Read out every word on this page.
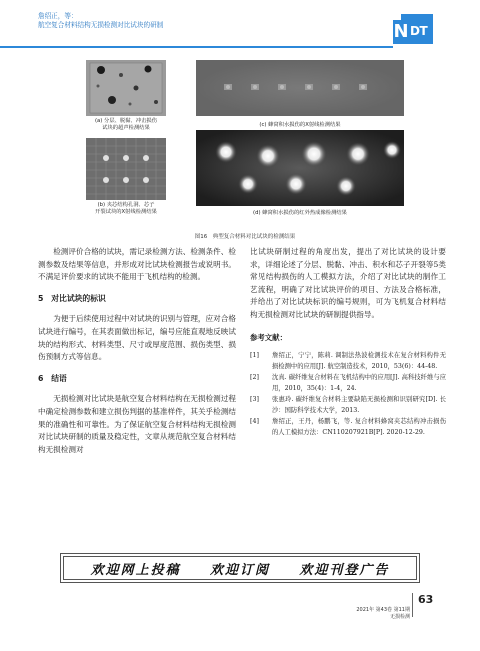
詹绍正，等：
航空复合材料结构无损检测对比试块的研制	N DT
(a) 分层、脱黏、冲击损伤
试块的超声检测结果	(c) 蜂窝积水损伤的X射线检测结果
(b) 夹芯结构孔洞、芯子
开裂试块的X射线检测结果	(d) 蜂窝积水损伤的红外热成像检测结果
图16　典型复合材料对比试块的检测结果

检测评价合格的试块，需记录检测方法、检测条件、检测参数及结果等信息，并形成对比试块检测报告或说明书。不满足评价要求的试块不能用于飞机结构的检测。

5　对比试块的标识

为便于后续使用过程中对试块的识别与管理，应对合格试块进行编号，在其表面做出标记，编号应能直观地反映试块的结构形式、材料类型、尺寸或厚度范围、损伤类型、损伤预制方式等信息。

6　结语

无损检测对比试块是航空复合材料结构在无损检测过程中确定检测参数和建立损伤判据的基准样件，其关乎检测结果的准确性和可靠性。为了保证航空复合材料结构无损检测对比试块研制的质量及稳定性，文章从规范航空复合材料结构无损检测对

比试块研制过程的角度出发，提出了对比试块的设计要求，详细论述了分层、脱黏、冲击、积水和芯子开裂等5类常见结构损伤的人工模拟方法，介绍了对比试块的制作工艺流程，明确了对比试块评价的项目、方法及合格标准，并给出了对比试块标识的编号规则，可为飞机复合材料结构无损检测对比试块的研制提供指导。

参考文献：
[1]	詹绍正，宁宁，陈莉. 调制法热波检测技术在复合材料构件无损检测中的应用[J]. 航空制造技术，2010，53(6)：44-48.
[2]	沈真. 碳纤维复合材料在飞机结构中的应用[J]. 高科技纤维与应用，2010，35(4)：1-4，24.
[3]	张惠玲. 碳纤维复合材料主要缺陷无损检测和识别研究[D]. 长沙：国防科学技术大学，2013.
[4]	詹绍正，王丹，杨鹏飞，等. 复合材料蜂窝夹芯结构冲击损伤的人工模拟方法：CN110207921B[P]. 2020-12-29.
欢迎网上投稿 欢迎订阅 欢迎刊登广告
63
2021年 第43卷 第11期
无损检测
